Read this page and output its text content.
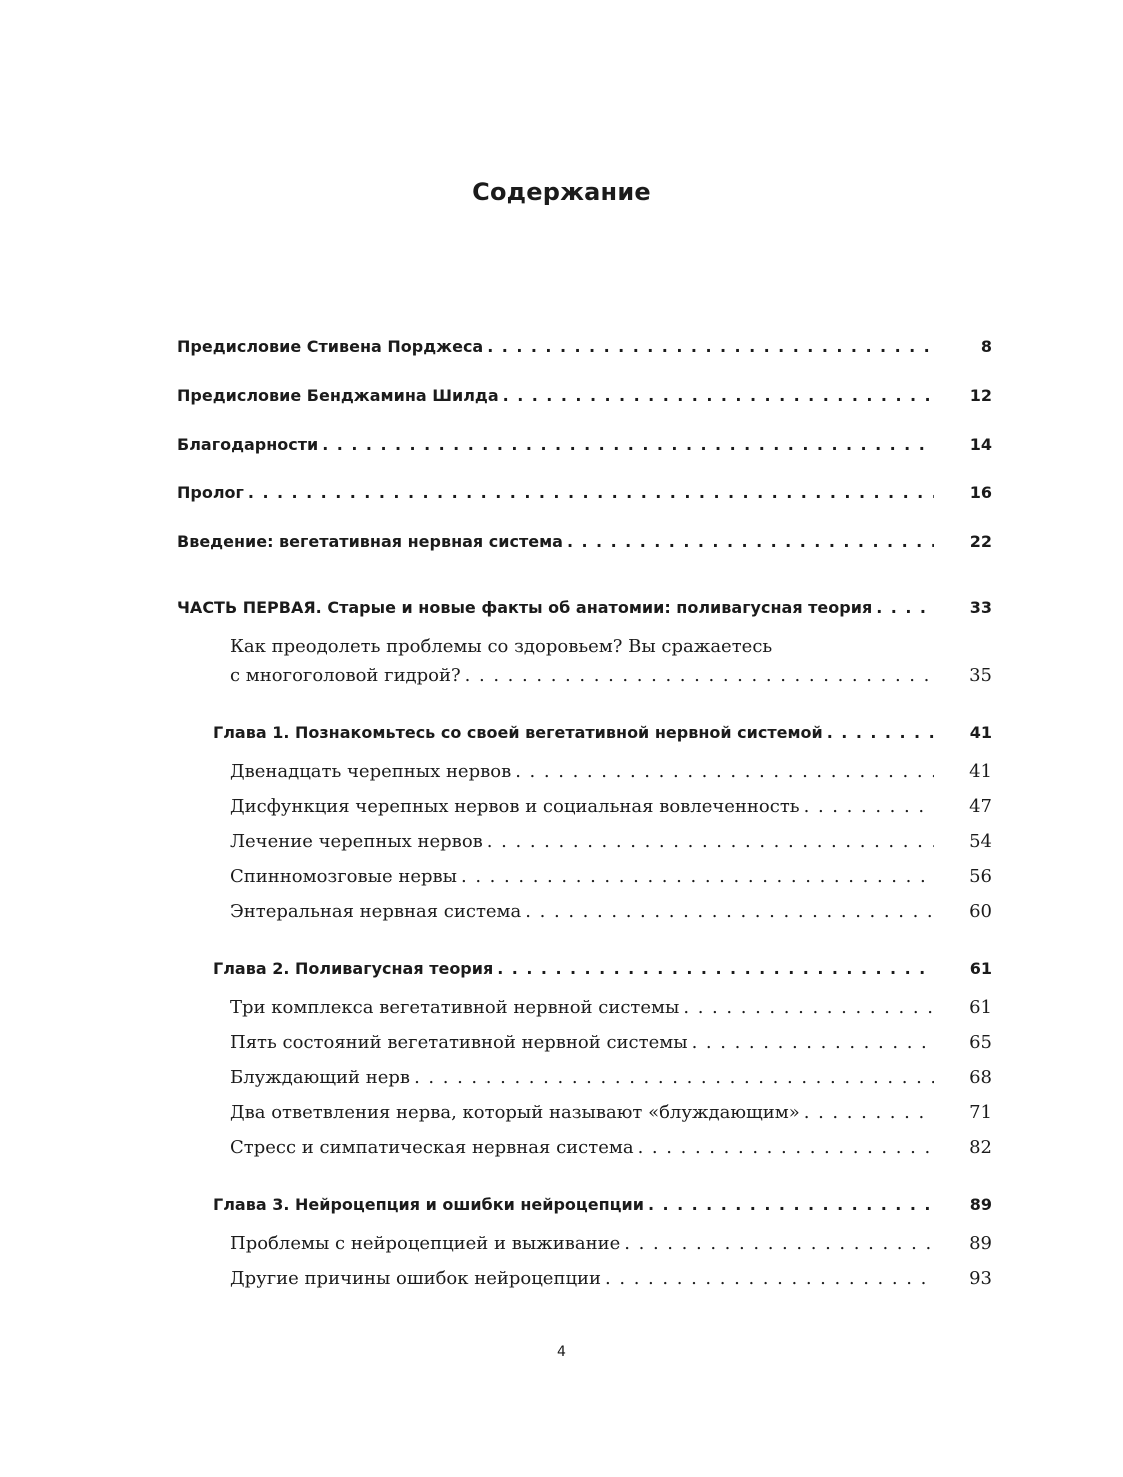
Содержание
Предисловие Стивена Порджеса . . .	8
Предисловие Бенджамина Шилда . . .	12
Благодарности . . .	14
Пролог . . .	16
Введение: вегетативная нервная система . . .	22
ЧАСТЬ ПЕРВАЯ. Старые и новые факты об анатомии: поливагусная теория . . .	33
Как преодолеть проблемы со здоровьем? Вы сражаетесь
с многоголовой гидрой? . . .	35
Глава 1. Познакомьтесь со своей вегетативной нервной системой . . .	41
Двенадцать черепных нервов . . .	41
Дисфункция черепных нервов и социальная вовлеченность . . .	47
Лечение черепных нервов . . .	54
Спинномозговые нервы . . .	56
Энтеральная нервная система . . .	60
Глава 2. Поливагусная теория . . .	61
Три комплекса вегетативной нервной системы . . .	61
Пять состояний вегетативной нервной системы . . .	65
Блуждающий нерв . . .	68
Два ответвления нерва, который называют «блуждающим» . . .	71
Стресс и симпатическая нервная система . . .	82
Глава 3. Нейроцепция и ошибки нейроцепции . . .	89
Проблемы с нейроцепцией и выживание . . .	89
Другие причины ошибок нейроцепции . . .	93
4
